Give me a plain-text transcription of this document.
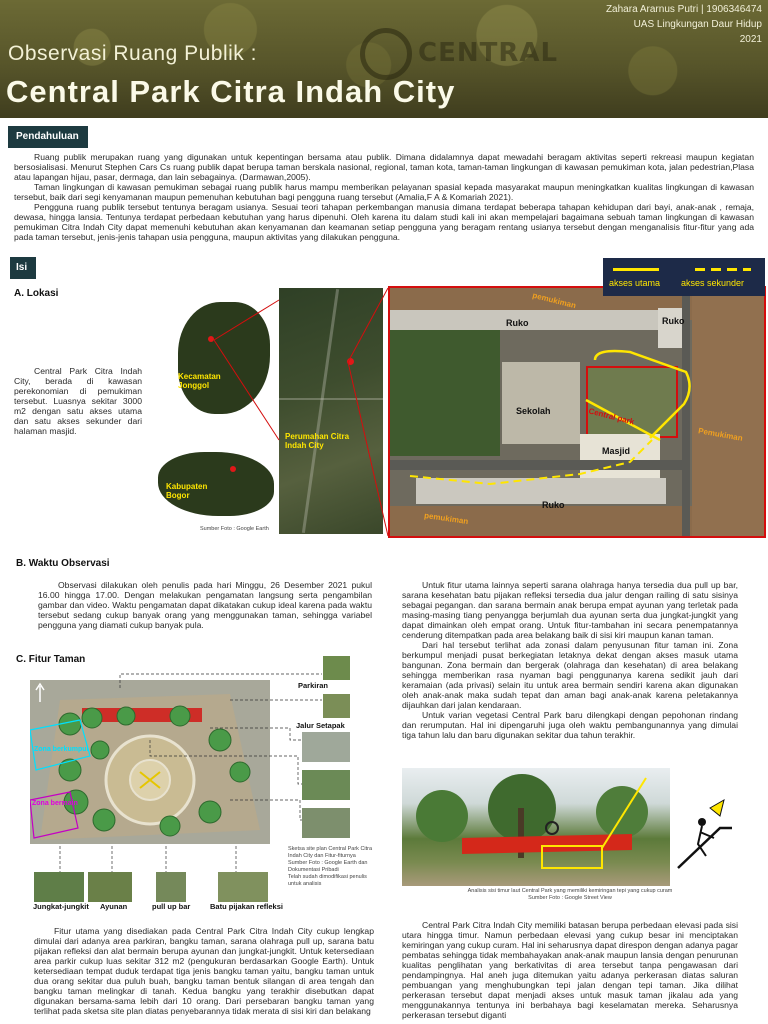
CENTRAL
Observasi Ruang Publik :
Central Park Citra Indah City
Zahara Ararnus Putri | 1906346474
UAS Lingkungan Daur Hidup
2021
Pendahuluan

Ruang publik merupakan ruang yang digunakan untuk kepentingan bersama atau publik. Dimana didalamnya dapat mewadahi beragam aktivitas seperti rekreasi maupun kegiatan bersosialisasi. Menurut Stephen Cars Cs ruang publik dapat berupa taman berskala nasional, regional, taman kota, taman-taman lingkungan di kawasan pemukiman kota, jalan pedestrian,Plasa atau lapangan hijau, pasar, dermaga, dan lain sebagainya. (Darmawan,2005).

Taman lingkungan di kawasan pemukiman sebagai ruang publik harus mampu memberikan pelayanan spasial kepada masyarakat maupun meningkatkan kualitas lingkungan di kawasan tersebut, baik dari segi kenyamanan maupun pemenuhan kebutuhan bagi pengguna ruang tersebut (Amalia,F A & Komariah 2021).

Pengguna ruang publik tersebut tentunya beragam usianya. Sesuai teori tahapan perkembangan manusia dimana terdapat beberapa tahapan kehidupan dari bayi, anak-anak , remaja, dewasa, hingga lansia. Tentunya terdapat perbedaan kebutuhan yang harus dipenuhi. Oleh karena itu dalam studi kali ini akan mempelajari bagaimana sebuah taman lingkungan di kawasan pemukiman Citra Indah City dapat memenuhi kebutuhan akan kenyamanan dan keamanan setiap pengguna yang beragam rentang usianya tersebut dengan menganalisis fitur-fitur yang ada pada taman tersebut, jenis-jenis tahapan usia pengguna, maupun aktivitas yang dilakukan pengguna.

Isi
A. Lokasi

Central Park Citra Indah City, berada di kawasan perekonomian di pemukiman tersebut. Luasnya sekitar 3000 m2 dengan satu akses utama dan satu akses sekunder dari halaman masjid.

Kecamatan Jonggol
Kabupaten Bogor
Perumahan Citra Indah City
Sumber Foto : Google Earth
pemukiman
Ruko	Ruko
Sekolah	Central park
Masjid
Pemukiman
Ruko
pemukiman
akses utama akses sekunder
B. Waktu Observasi

Observasi dilakukan oleh penulis pada hari Minggu, 26 Desember 2021 pukul 16.00 hingga 17.00. Dengan melakukan pengamatan langsung serta pengambilan gambar dan video. Waktu pengamatan dapat dikatakan cukup ideal karena pada waktu tersebut sedang cukup banyak orang yang menggunakan taman, sehingga variabel pengguna yang diamati cukup banyak pula.

C. Fitur Taman
Zona berkumpul
Zona bermain
Parkiran
Jalur Setapak
Sketsa site plan Central Park Citra Indah City dan Fitur-fiturnya
Sumber Foto : Google Earth dan Dokumentasi Pribadi
Telah sudah dimodifikasi penulis untuk analisis
Jungkat-jungkit Ayunan	pull up bar	Batu pijakan refleksi

Fitur utama yang disediakan pada Central Park Citra Indah City cukup lengkap dimulai dari adanya area parkiran, bangku taman, sarana olahraga pull up, sarana batu pijakan refleksi dan alat bermain berupa ayunan dan jungkat-jungkit. Untuk ketersediaan area parkir cukup luas sekitar 312 m2 (pengukuran berdasarkan Google Earth). Untuk ketersediaan tempat duduk terdapat tiga jenis bangku taman yaitu, bangku taman untuk dua orang sekitar dua puluh buah, bangku taman bentuk silangan di area tengah dan bangku taman melingkar di tanah. Kedua bangku yang terakhir disebutkan dapat digunakan bersama-sama lebih dari 10 orang. Dari persebaran bangku taman yang terlihat pada sketsa site plan diatas penyebarannya tidak merata di sisi kiri dan belakang

Untuk fitur utama lainnya seperti sarana olahraga hanya tersedia dua pull up bar, sarana kesehatan batu pijakan refleksi tersedia dua jalur dengan railing di satu sisinya sebagai pegangan. dan sarana bermain anak berupa empat ayunan yang terletak pada masing-masing tiang penyangga berjumlah dua ayunan serta dua jungkat-jungkit yang dapat dimainkan oleh empat orang. Untuk fitur-tambahan ini secara penempatannya cenderung ditempatkan pada area belakang baik di sisi kiri maupun kanan taman.

Dari hal tersebut terlihat ada zonasi dalam penyusunan fitur taman ini. Zona berkumpul menjadi pusat berkegiatan letaknya dekat dengan akses masuk utama bangunan. Zona bermain dan bergerak (olahraga dan kesehatan) di area belakang sehingga memberikan rasa nyaman bagi penggunanya karena sedikit jauh dari keramaian (ada privasi) selain itu untuk area bermain sendiri karena akan digunakan oleh anak-anak maka sudah tepat dan aman bagi anak-anak karena peletakannya dijauhkan dari jalan kendaraan.

Untuk varian vegetasi Central Park baru dilengkapi dengan pepohonan rindang dan rerumputan. Hal ini dipengaruhi juga oleh waktu pembangunannya yang dimulai tiga tahun lalu dan baru digunakan sekitar dua tahun terakhir.

Analisis sisi timur laut Central Park yang memiliki kemiringan tepi yang cukup curam
Sumber Foto : Google Street View

Central Park Citra Indah City memiliki batasan berupa perbedaan elevasi pada sisi utara hingga timur. Namun perbedaan elevasi yang cukup besar ini menciptakan kemiringan yang cukup curam. Hal ini seharusnya dapat direspon dengan adanya pagar pembatas sehingga tidak membahayakan anak-anak maupun lansia dengan penurunan kualitas penglihatan yang berkativitas di area tersebut tanpa pengawasan dari pendampingnya. Hal aneh juga ditemukan yaitu adanya perkerasan diatas saluran pembuangan yang menghubungkan tepi jalan dengan tepi taman. Jika dilihat perkerasan tersebut dapat menjadi akses untuk masuk taman jikalau ada yang menggunakannya tentunya ini berbahaya bagi keselamatan mereka. Seharusnya perkerasan tersebut diganti
